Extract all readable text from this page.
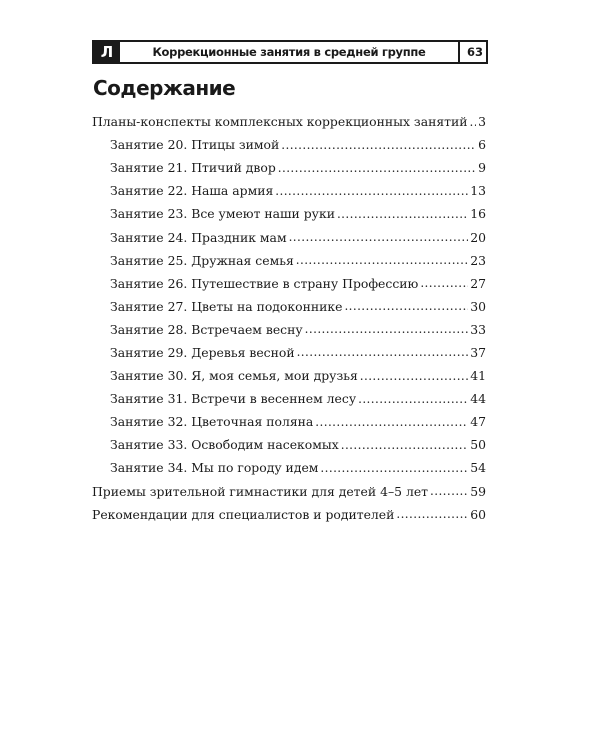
Л	Коррекционные занятия в средней группе	63
Содержание
Планы-конспекты комплексных коррекционных занятий ..... 3
Занятие 20. Птицы зимой .....	6
Занятие 21. Птичий двор .....	9
Занятие 22. Наша армия .....	13
Занятие 23. Все умеют наши руки .....	16
Занятие 24. Праздник мам .....	20
Занятие 25. Дружная семья .....	23
Занятие 26. Путешествие в страну Профессию .....	27
Занятие 27. Цветы на подоконнике .....	30
Занятие 28. Встречаем весну .....	33
Занятие 29. Деревья весной .....	37
Занятие 30. Я, моя семья, мои друзья .....	41
Занятие 31. Встречи в весеннем лесу .....	44
Занятие 32. Цветочная поляна .....	47
Занятие 33. Освободим насекомых .....	50
Занятие 34. Мы по городу идем .....	54
Приемы зрительной гимнастики для детей 4–5 лет .....	59
Рекомендации для специалистов и родителей .....	60
